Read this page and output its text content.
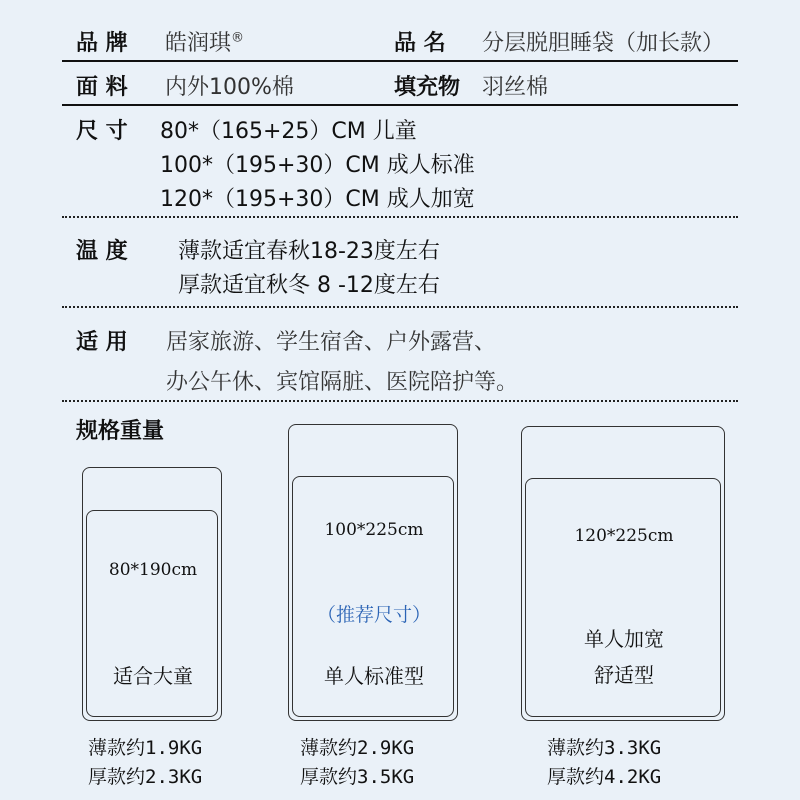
品 牌 皓润琪®	品 名 分层脱胆睡袋（加长款）
面 料 内外100%棉	填充物 羽丝棉
尺 寸 80*（165+25）CM 儿童
100*（195+30）CM 成人标准
120*（195+30）CM 成人加宽
温 度 薄款适宜春秋18-23度左右
厚款适宜秋冬 8 -12度左右
适 用 居家旅游、学生宿舍、户外露营、
办公午休、宾馆隔脏、医院陪护等。
规格重量
80*190cm
适合大童
薄款约1.9KG
厚款约2.3KG
100*225cm
（推荐尺寸）
单人标准型
薄款约2.9KG
厚款约3.5KG
120*225cm
单人加宽
舒适型
薄款约3.3KG
厚款约4.2KG
